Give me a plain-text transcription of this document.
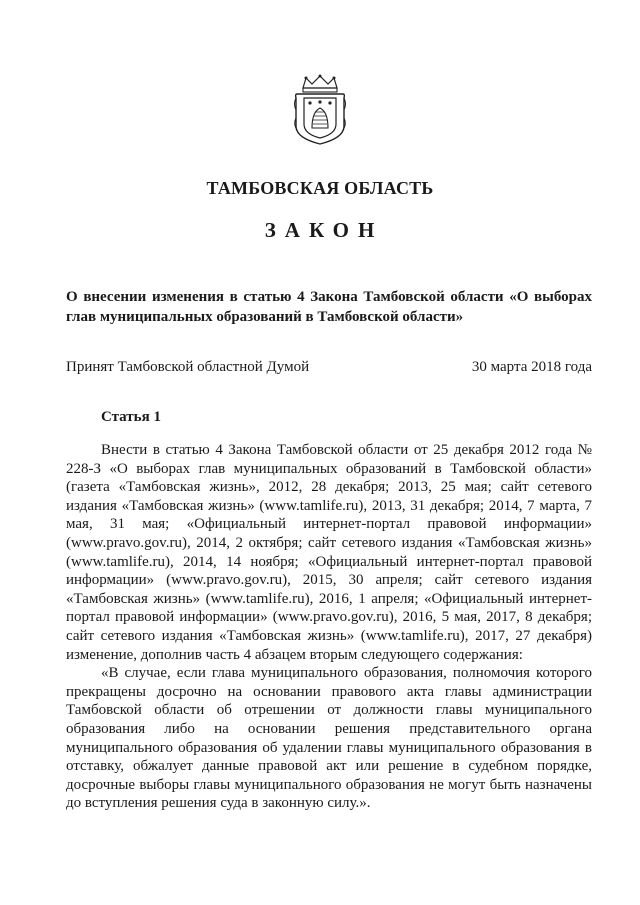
ТАМБОВСКАЯ ОБЛАСТЬ
ЗАКОН
О внесении изменения в статью 4 Закона Тамбовской области «О выборах глав муниципальных образований в Тамбовской области»
Принят Тамбовской областной Думой	30 марта 2018 года
Статья 1

Внести в статью 4 Закона Тамбовской области от 25 декабря 2012 года № 228-З «О выборах глав муниципальных образований в Тамбовской области» (газета «Тамбовская жизнь», 2012, 28 декабря; 2013, 25 мая; сайт сетевого издания «Тамбовская жизнь» (www.tamlife.ru), 2013, 31 декабря; 2014, 7 марта, 7 мая, 31 мая; «Официальный интернет-портал правовой информации» (www.pravo.gov.ru), 2014, 2 октября; сайт сетевого издания «Тамбовская жизнь» (www.tamlife.ru), 2014, 14 ноября; «Официальный интернет-портал правовой информации» (www.pravo.gov.ru), 2015, 30 апреля; сайт сетевого издания «Тамбовская жизнь» (www.tamlife.ru), 2016, 1 апреля; «Официальный интернет-портал правовой информации» (www.pravo.gov.ru), 2016, 5 мая, 2017, 8 декабря; сайт сетевого издания «Тамбовская жизнь» (www.tamlife.ru), 2017, 27 декабря) изменение, дополнив часть 4 абзацем вторым следующего содержания:

«В случае, если глава муниципального образования, полномочия которого прекращены досрочно на основании правового акта главы администрации Тамбовской области об отрешении от должности главы муниципального образования либо на основании решения представительного органа муниципального образования об удалении главы муниципального образования в отставку, обжалует данные правовой акт или решение в судебном порядке, досрочные выборы главы муниципального образования не могут быть назначены до вступления решения суда в законную силу.».
